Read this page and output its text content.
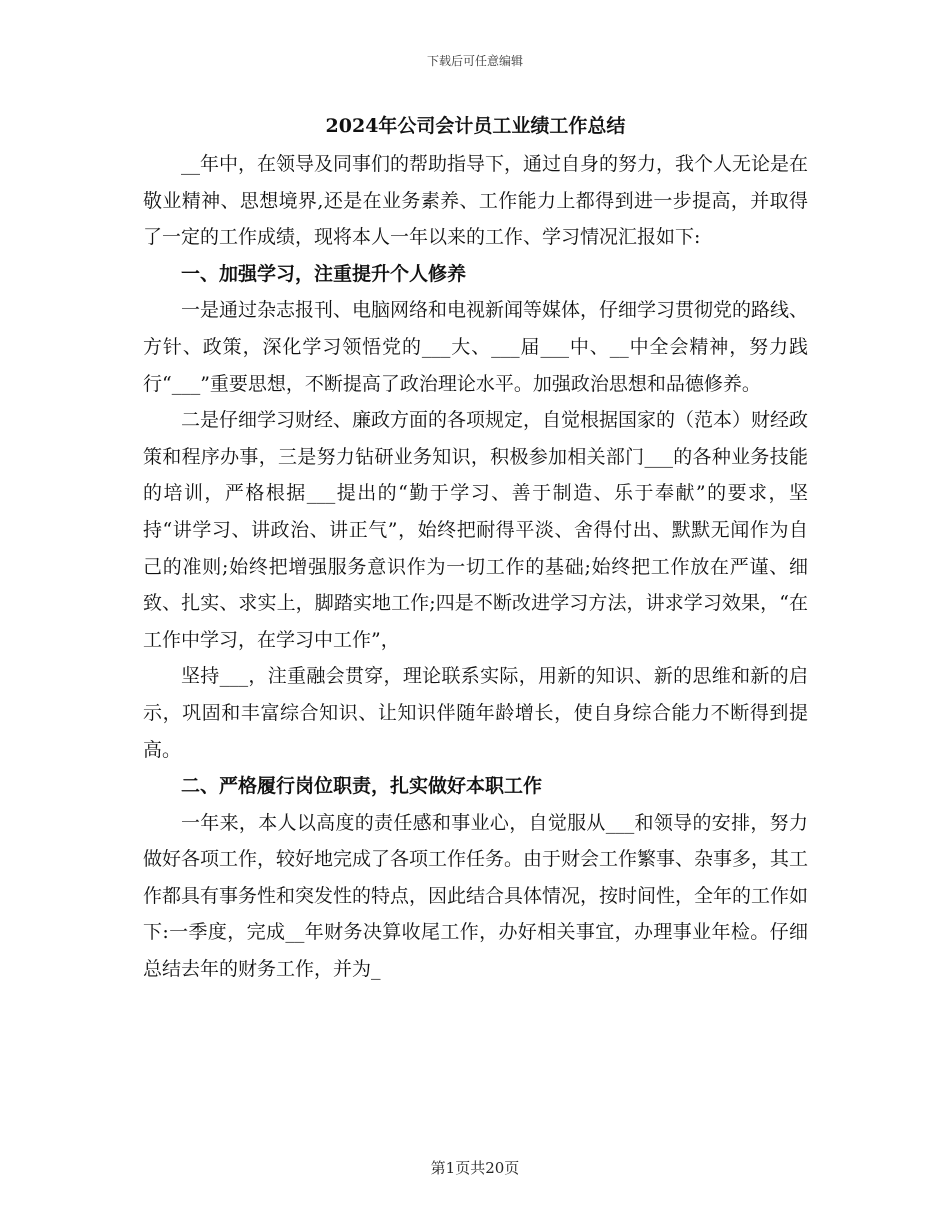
下载后可任意编辑
2024年公司会计员工业绩工作总结

__年中，在领导及同事们的帮助指导下，通过自身的努力，我个人无论是在敬业精神、思想境界,还是在业务素养、工作能力上都得到进一步提高，并取得了一定的工作成绩，现将本人一年以来的工作、学习情况汇报如下:

一、加强学习，注重提升个人修养

一是通过杂志报刊、电脑网络和电视新闻等媒体，仔细学习贯彻党的路线、方针、政策，深化学习领悟党的___大、___届___中、__中全会精神，努力践行“___”重要思想，不断提高了政治理论水平。加强政治思想和品德修养。

二是仔细学习财经、廉政方面的各项规定，自觉根据国家的（范本）财经政策和程序办事，三是努力钻研业务知识，积极参加相关部门___的各种业务技能的培训，严格根据___提出的“勤于学习、善于制造、乐于奉献”的要求，坚持“讲学习、讲政治、讲正气”，始终把耐得平淡、舍得付出、默默无闻作为自己的准则;始终把增强服务意识作为一切工作的基础;始终把工作放在严谨、细致、扎实、求实上，脚踏实地工作;四是不断改进学习方法，讲求学习效果，“在工作中学习，在学习中工作”，

坚持___，注重融会贯穿，理论联系实际，用新的知识、新的思维和新的启示，巩固和丰富综合知识、让知识伴随年龄增长，使自身综合能力不断得到提高。

二、严格履行岗位职责，扎实做好本职工作

一年来，本人以高度的责任感和事业心，自觉服从___和领导的安排，努力做好各项工作，较好地完成了各项工作任务。由于财会工作繁事、杂事多，其工作都具有事务性和突发性的特点，因此结合具体情况，按时间性，全年的工作如下:一季度，完成__年财务决算收尾工作，办好相关事宜，办理事业年检。仔细总结去年的财务工作，并为_

第1页共20页
